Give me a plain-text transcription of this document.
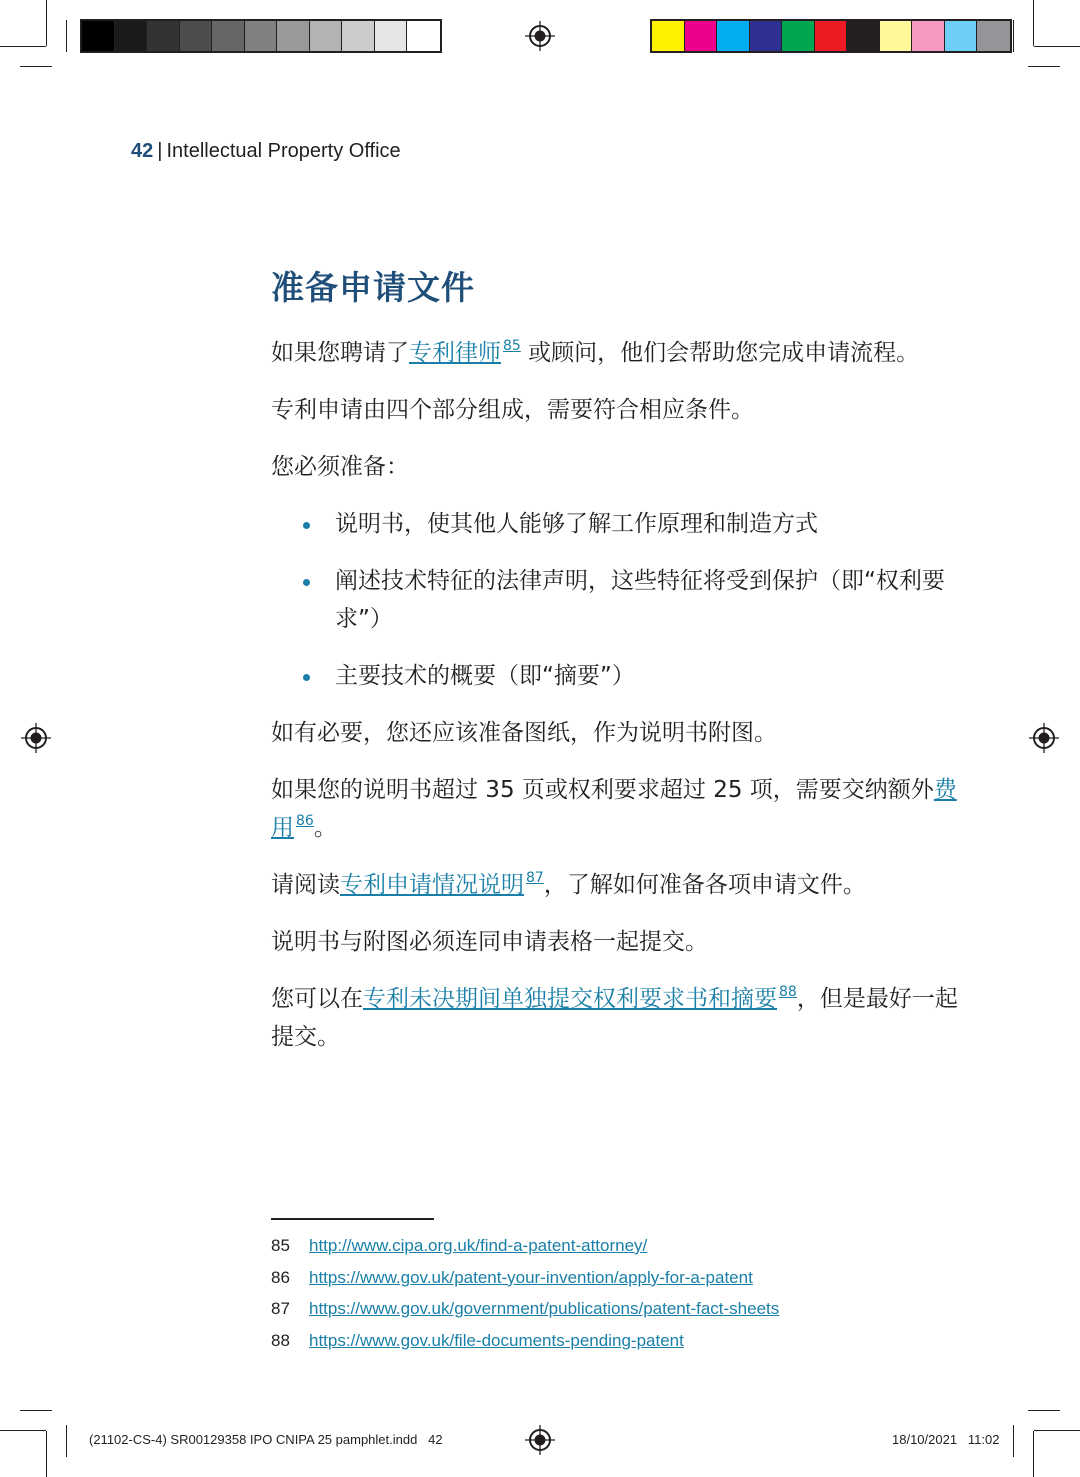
42 | Intellectual Property Office
准备申请文件

如果您聘请了专利律师 $^{85}$ 或顾问，他们会帮助您完成申请流程。

专利申请由四个部分组成，需要符合相应条件。

您必须准备：

说明书，使其他人能够了解工作原理和制造方式
阐述技术特征的法律声明，这些特征将受到保护（即“权利要求”）
主要技术的概要（即“摘要”）

如有必要，您还应该准备图纸，作为说明书附图。

如果您的说明书超过 35 页或权利要求超过 25 项，需要交纳额外费用 $^{86}$。

请阅读专利申请情况说明 $^{87}$，了解如何准备各项申请文件。

说明书与附图必须连同申请表格一起提交。

您可以在专利未决期间单独提交权利要求书和摘要 $^{88}$，但是最好一起提交。

85 http://www.cipa.org.uk/find-a-patent-attorney/
86 https://www.gov.uk/patent-your-invention/apply-for-a-patent
87 https://www.gov.uk/government/publications/patent-fact-sheets
88 https://www.gov.uk/file-documents-pending-patent
(21102-CS-4) SR00129358 IPO CNIPA 25 pamphlet.indd   42	18/10/2021   11:02
